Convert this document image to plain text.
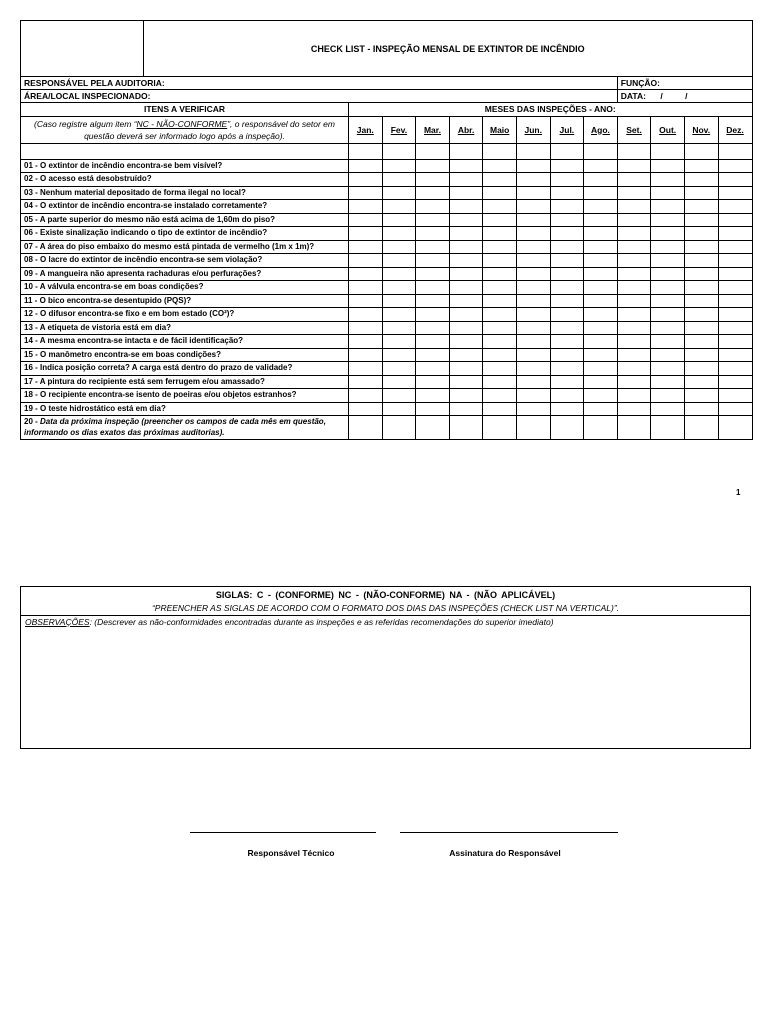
CHECK LIST - INSPEÇÃO MENSAL DE EXTINTOR DE INCÊNDIO												

RESPONSÁVEL PELA AUDITORIA:									FUNÇÃO:			
ÁREA/LOCAL INSPECIONADO:									DATA: / /			
ITENS A VERIFICAR	MESES DAS INSPEÇÕES - ANO:											
(Caso registre algum item “NC - NÃO-CONFORME”, o responsável do setor em questão deverá ser informado logo após a inspeção).	Jan.	Fev.	Mar.	Abr.	Maio	Jun.	Jul.	Ago.	Set.	Out.	Nov.	Dez.

01 - O extintor de incêndio encontra-se bem visível?												
02 - O acesso está desobstruído?												
03 - Nenhum material depositado de forma ilegal no local?												
04 - O extintor de incêndio encontra-se instalado corretamente?												
05 - A parte superior do mesmo não está acima de 1,60m do piso?												
06 - Existe sinalização indicando o tipo de extintor de incêndio?												
07 - A área do piso embaixo do mesmo está pintada de vermelho (1m x 1m)?												
08 - O lacre do extintor de incêndio encontra-se sem violação?												
09 - A mangueira não apresenta rachaduras e/ou perfurações?												
10 - A válvula encontra-se em boas condições?												
11 - O bico encontra-se desentupido (PQS)?												
12 - O difusor encontra-se fixo e em bom estado (CO²)?												
13 - A etiqueta de vistoria está em dia?												
14 - A mesma encontra-se intacta e de fácil identificação?												
15 - O manômetro encontra-se em boas condições?												
16 - Indica posição correta? A carga está dentro do prazo de validade?												
17 - A pintura do recipiente está sem ferrugem e/ou amassado?												
18 - O recipiente encontra-se isento de poeiras e/ou objetos estranhos?												
19 - O teste hidrostático está em dia?												
20 - Data da próxima inspeção (preencher os campos de cada mês em questão, informando os dias exatos das próximas auditorias).												
1
SIGLAS: C - (CONFORME) NC - (NÃO-CONFORME) NA - (NÃO APLICÁVEL)
“PREENCHER AS SIGLAS DE ACORDO COM O FORMATO DOS DIAS DAS INSPEÇÕES (CHECK LIST NA VERTICAL)”.
OBSERVAÇÕES: (Descrever as não-conformidades encontradas durante as inspeções e as referidas recomendações do superior imediato)
Responsável Técnico	Assinatura do Responsável
